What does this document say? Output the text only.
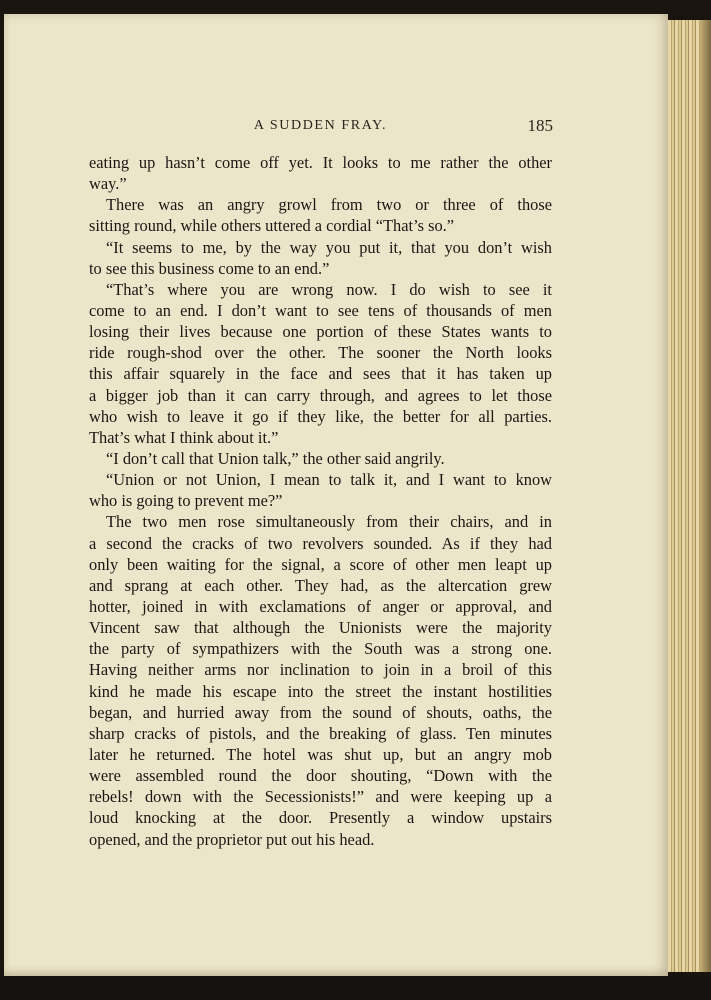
A SUDDEN FRAY.	185
eating up hasn’t come off yet. It looks to me rather the other
way.”
There was an angry growl from two or three of those
sitting round, while others uttered a cordial “That’s so.”
“It seems to me, by the way you put it, that you don’t wish
to see this business come to an end.”
“That’s where you are wrong now. I do wish to see it
come to an end. I don’t want to see tens of thousands of men
losing their lives because one portion of these States wants to
ride rough-shod over the other. The sooner the North looks
this affair squarely in the face and sees that it has taken up
a bigger job than it can carry through, and agrees to let those
who wish to leave it go if they like, the better for all parties.
That’s what I think about it.”
“I don’t call that Union talk,” the other said angrily.
“Union or not Union, I mean to talk it, and I want to know
who is going to prevent me?”
The two men rose simultaneously from their chairs, and in
a second the cracks of two revolvers sounded. As if they had
only been waiting for the signal, a score of other men leapt up
and sprang at each other. They had, as the altercation grew
hotter, joined in with exclamations of anger or approval, and
Vincent saw that although the Unionists were the majority
the party of sympathizers with the South was a strong one.
Having neither arms nor inclination to join in a broil of this
kind he made his escape into the street the instant hostilities
began, and hurried away from the sound of shouts, oaths, the
sharp cracks of pistols, and the breaking of glass. Ten minutes
later he returned. The hotel was shut up, but an angry mob
were assembled round the door shouting, “Down with the
rebels! down with the Secessionists!” and were keeping up a
loud knocking at the door. Presently a window upstairs
opened, and the proprietor put out his head.
